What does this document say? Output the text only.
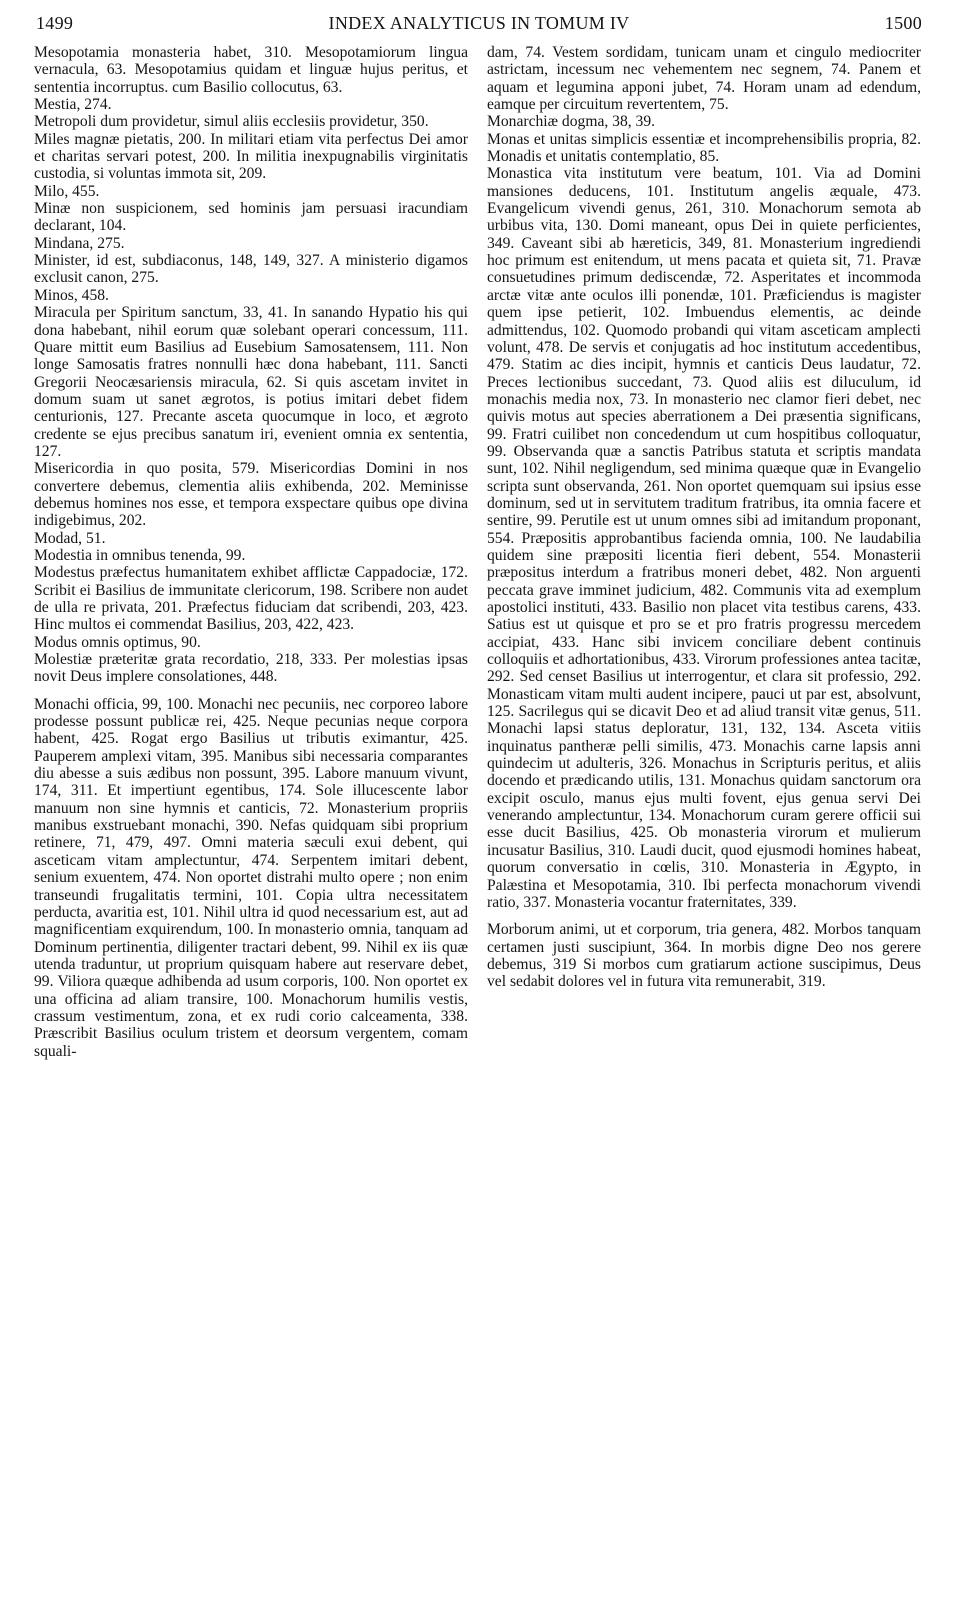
1499	INDEX ANALYTICUS IN TOMUM IV	1500

Mesopotamia monasteria habet, 310. Mesopotamiorum lingua vernacula, 63. Mesopotamius quidam et linguæ hujus peritus, et sententia incorruptus. cum Basilio collocutus, 63.

Mestia, 274.

Metropoli dum providetur, simul aliis ecclesiis providetur, 350.

Miles magnæ pietatis, 200. In militari etiam vita perfectus Dei amor et charitas servari potest, 200. In militia inexpugnabilis virginitatis custodia, si voluntas immota sit, 209.

Milo, 455.

Minæ non suspicionem, sed hominis jam persuasi iracundiam declarant, 104.

Mindana, 275.

Minister, id est, subdiaconus, 148, 149, 327. A ministerio digamos exclusit canon, 275.

Minos, 458.

Miracula per Spiritum sanctum, 33, 41. In sanando Hypatio his qui dona habebant, nihil eorum quæ solebant operari concessum, 111. Quare mittit eum Basilius ad Eusebium Samosatensem, 111. Non longe Samosatis fratres nonnulli hæc dona habebant, 111. Sancti Gregorii Neocæsariensis miracula, 62. Si quis ascetam invitet in domum suam ut sanet ægrotos, is potius imitari debet fidem centurionis, 127. Precante asceta quocumque in loco, et ægroto credente se ejus precibus sanatum iri, evenient omnia ex sententia, 127.

Misericordia in quo posita, 579. Misericordias Domini in nos convertere debemus, clementia aliis exhibenda, 202. Meminisse debemus homines nos esse, et tempora exspectare quibus ope divina indigebimus, 202.

Modad, 51.

Modestia in omnibus tenenda, 99.

Modestus præfectus humanitatem exhibet afflictæ Cappadociæ, 172. Scribit ei Basilius de immunitate clericorum, 198. Scribere non audet de ulla re privata, 201. Præfectus fiduciam dat scribendi, 203, 423. Hinc multos ei commendat Basilius, 203, 422, 423.

Modus omnis optimus, 90.

Molestiæ præteritæ grata recordatio, 218, 333. Per molestias ipsas novit Deus implere consolationes, 448.

Monachi officia, 99, 100. Monachi nec pecuniis, nec corporeo labore prodesse possunt publicæ rei, 425. Neque pecunias neque corpora habent, 425. Rogat ergo Basilius ut tributis eximantur, 425. Pauperem amplexi vitam, 395. Manibus sibi necessaria comparantes diu abesse a suis ædibus non possunt, 395. Labore manuum vivunt, 174, 311. Et impertiunt egentibus, 174. Sole illucescente labor manuum non sine hymnis et canticis, 72. Monasterium propriis manibus exstruebant monachi, 390. Nefas quidquam sibi proprium retinere, 71, 479, 497. Omni materia sæculi exui debent, qui asceticam vitam amplectuntur, 474. Serpentem imitari debent, senium exuentem, 474. Non oportet distrahi multo opere ; non enim transeundi frugalitatis termini, 101. Copia ultra necessitatem perducta, avaritia est, 101. Nihil ultra id quod necessarium est, aut ad magnificentiam exquirendum, 100. In monasterio omnia, tanquam ad Dominum pertinentia, diligenter tractari debent, 99. Nihil ex iis quæ utenda traduntur, ut proprium quisquam habere aut reservare debet, 99. Viliora quæque adhibenda ad usum corporis, 100. Non oportet ex una officina ad aliam transire, 100. Monachorum humilis vestis, crassum vestimentum, zona, et ex rudi corio calceamenta, 338. Præscribit Basilius oculum tristem et deorsum vergentem, comam squali-

dam, 74. Vestem sordidam, tunicam unam et cingulo mediocriter astrictam, incessum nec vehementem nec segnem, 74. Panem et aquam et legumina apponi jubet, 74. Horam unam ad edendum, eamque per circuitum revertentem, 75.

Monarchiæ dogma, 38, 39.

Monas et unitas simplicis essentiæ et incomprehensibilis propria, 82. Monadis et unitatis contemplatio, 85.

Monastica vita institutum vere beatum, 101. Via ad Domini mansiones deducens, 101. Institutum angelis æquale, 473. Evangelicum vivendi genus, 261, 310. Monachorum semota ab urbibus vita, 130. Domi maneant, opus Dei in quiete perficientes, 349. Caveant sibi ab hæreticis, 349, 81. Monasterium ingrediendi hoc primum est enitendum, ut mens pacata et quieta sit, 71. Pravæ consuetudines primum dediscendæ, 72. Asperitates et incommoda arctæ vitæ ante oculos illi ponendæ, 101. Præficiendus is magister quem ipse petierit, 102. Imbuendus elementis, ac deinde admittendus, 102. Quomodo probandi qui vitam asceticam amplecti volunt, 478. De servis et conjugatis ad hoc institutum accedentibus, 479. Statim ac dies incipit, hymnis et canticis Deus laudatur, 72. Preces lectionibus succedant, 73. Quod aliis est diluculum, id monachis media nox, 73. In monasterio nec clamor fieri debet, nec quivis motus aut species aberrationem a Dei præsentia significans, 99. Fratri cuilibet non concedendum ut cum hospitibus colloquatur, 99. Observanda quæ a sanctis Patribus statuta et scriptis mandata sunt, 102. Nihil negligendum, sed minima quæque quæ in Evangelio scripta sunt observanda, 261. Non oportet quemquam sui ipsius esse dominum, sed ut in servitutem traditum fratribus, ita omnia facere et sentire, 99. Perutile est ut unum omnes sibi ad imitandum proponant, 554. Præpositis approbantibus facienda omnia, 100. Ne laudabilia quidem sine præpositi licentia fieri debent, 554. Monasterii præpositus interdum a fratribus moneri debet, 482. Non arguenti peccata grave imminet judicium, 482. Communis vita ad exemplum apostolici instituti, 433. Basilio non placet vita testibus carens, 433. Satius est ut quisque et pro se et pro fratris progressu mercedem accipiat, 433. Hanc sibi invicem conciliare debent continuis colloquiis et adhortationibus, 433. Virorum professiones antea tacitæ, 292. Sed censet Basilius ut interrogentur, et clara sit professio, 292. Monasticam vitam multi audent incipere, pauci ut par est, absolvunt, 125. Sacrilegus qui se dicavit Deo et ad aliud transit vitæ genus, 511. Monachi lapsi status deploratur, 131, 132, 134. Asceta vitiis inquinatus pantheræ pelli similis, 473. Monachis carne lapsis anni quindecim ut adulteris, 326. Monachus in Scripturis peritus, et aliis docendo et prædicando utilis, 131. Monachus quidam sanctorum ora excipit osculo, manus ejus multi fovent, ejus genua servi Dei venerando amplectuntur, 134. Monachorum curam gerere officii sui esse ducit Basilius, 425. Ob monasteria virorum et mulierum incusatur Basilius, 310. Laudi ducit, quod ejusmodi homines habeat, quorum conversatio in cœlis, 310. Monasteria in Ægypto, in Palæstina et Mesopotamia, 310. Ibi perfecta monachorum vivendi ratio, 337. Monasteria vocantur fraternitates, 339.

Morborum animi, ut et corporum, tria genera, 482. Morbos tanquam certamen justi suscipiunt, 364. In morbis digne Deo nos gerere debemus, 319 Si morbos cum gratiarum actione suscipimus, Deus vel sedabit dolores vel in futura vita remunerabit, 319.
